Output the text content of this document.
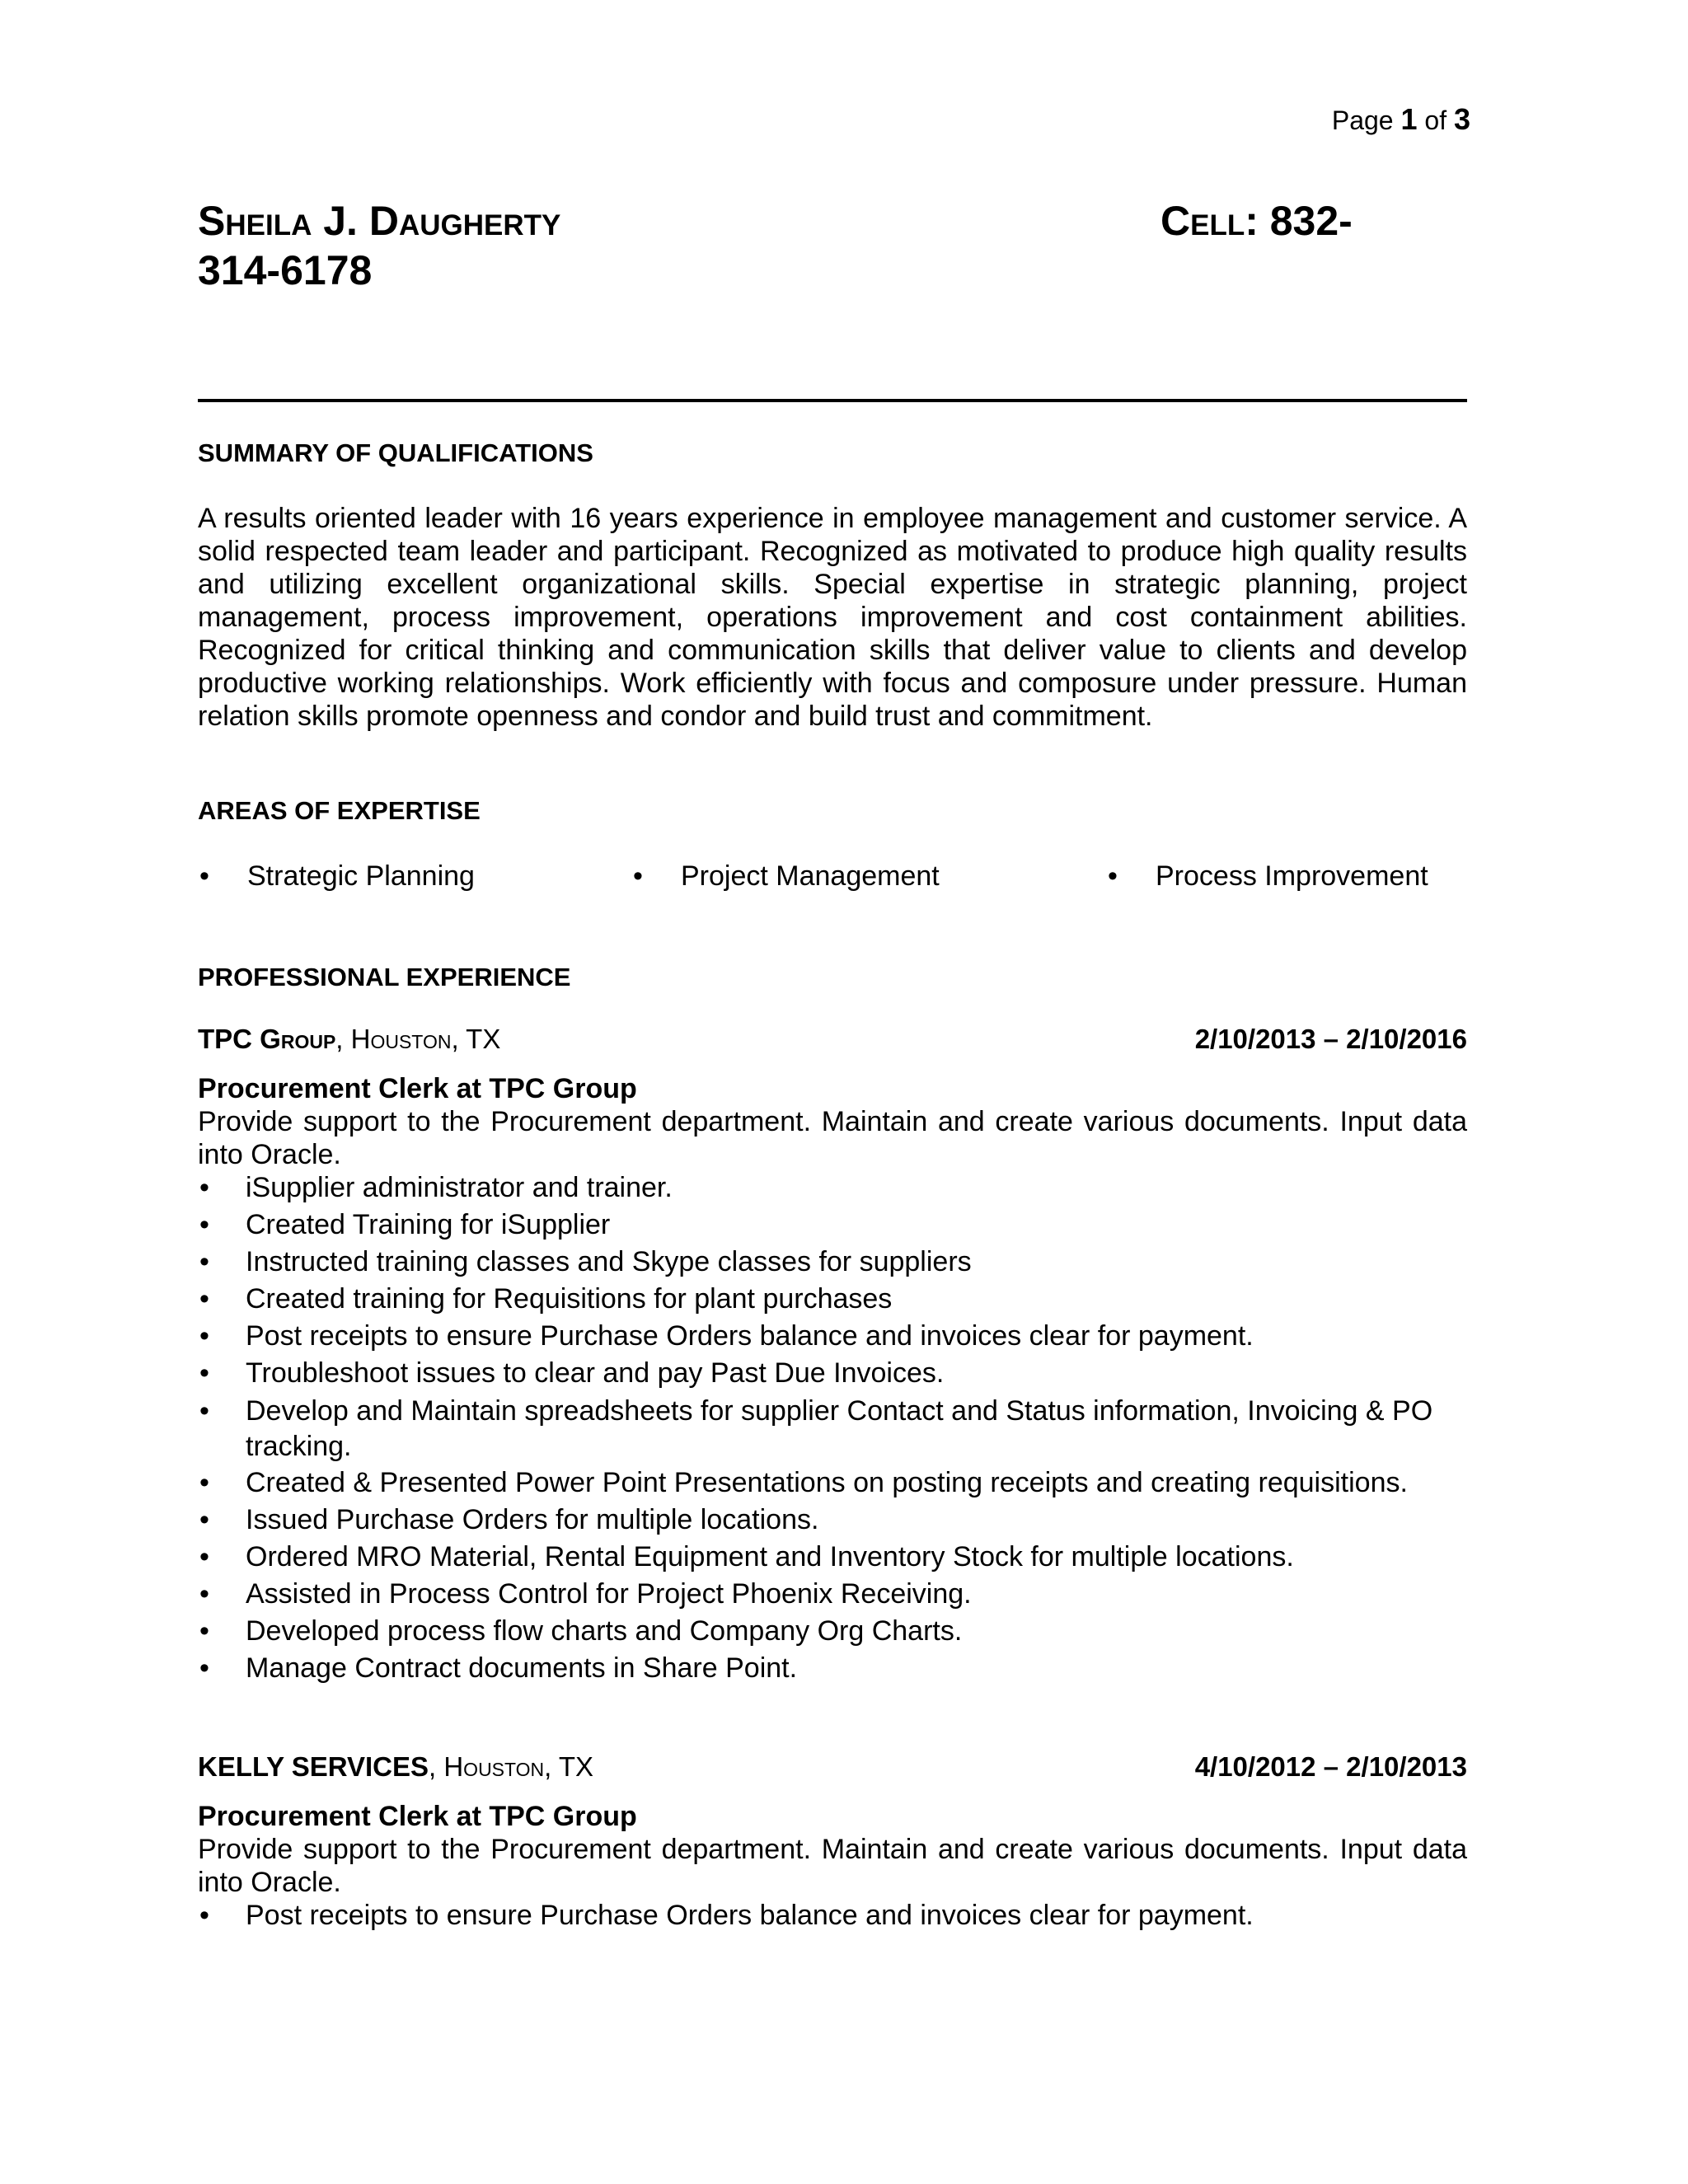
Page 1 of 3
Sheila J. Daugherty	Cell: 832-
314-6178
SUMMARY OF QUALIFICATIONS
A results oriented leader with 16 years experience in employee management and customer service. A solid respected team leader and participant. Recognized as motivated to produce high quality results and utilizing excellent organizational skills. Special expertise in strategic planning, project management, process improvement, operations improvement and cost containment abilities. Recognized for critical thinking and communication skills that deliver value to clients and develop productive working relationships. Work efficiently with focus and composure under pressure. Human relation skills promote openness and condor and build trust and commitment.
AREAS OF EXPERTISE
• Strategic Planning	• Project Management	• Process Improvement
PROFESSIONAL EXPERIENCE
TPC Group, Houston, TX	2/10/2013 – 2/10/2016
Procurement Clerk at TPC Group
Provide support to the Procurement department. Maintain and create various documents. Input data into Oracle.
• iSupplier administrator and trainer.
• Created Training for iSupplier
• Instructed training classes and Skype classes for suppliers
• Created training for Requisitions for plant purchases
• Post receipts to ensure Purchase Orders balance and invoices clear for payment.
• Troubleshoot issues to clear and pay Past Due Invoices.
• Develop and Maintain spreadsheets for supplier Contact and Status information, Invoicing & PO tracking.
• Created & Presented Power Point Presentations on posting receipts and creating requisitions.
• Issued Purchase Orders for multiple locations.
• Ordered MRO Material, Rental Equipment and Inventory Stock for multiple locations.
• Assisted in Process Control for Project Phoenix Receiving.
• Developed process flow charts and Company Org Charts.
• Manage Contract documents in Share Point.
KELLY SERVICES, Houston, TX	4/10/2012 – 2/10/2013
Procurement Clerk at TPC Group
Provide support to the Procurement department. Maintain and create various documents. Input data into Oracle.
• Post receipts to ensure Purchase Orders balance and invoices clear for payment.
